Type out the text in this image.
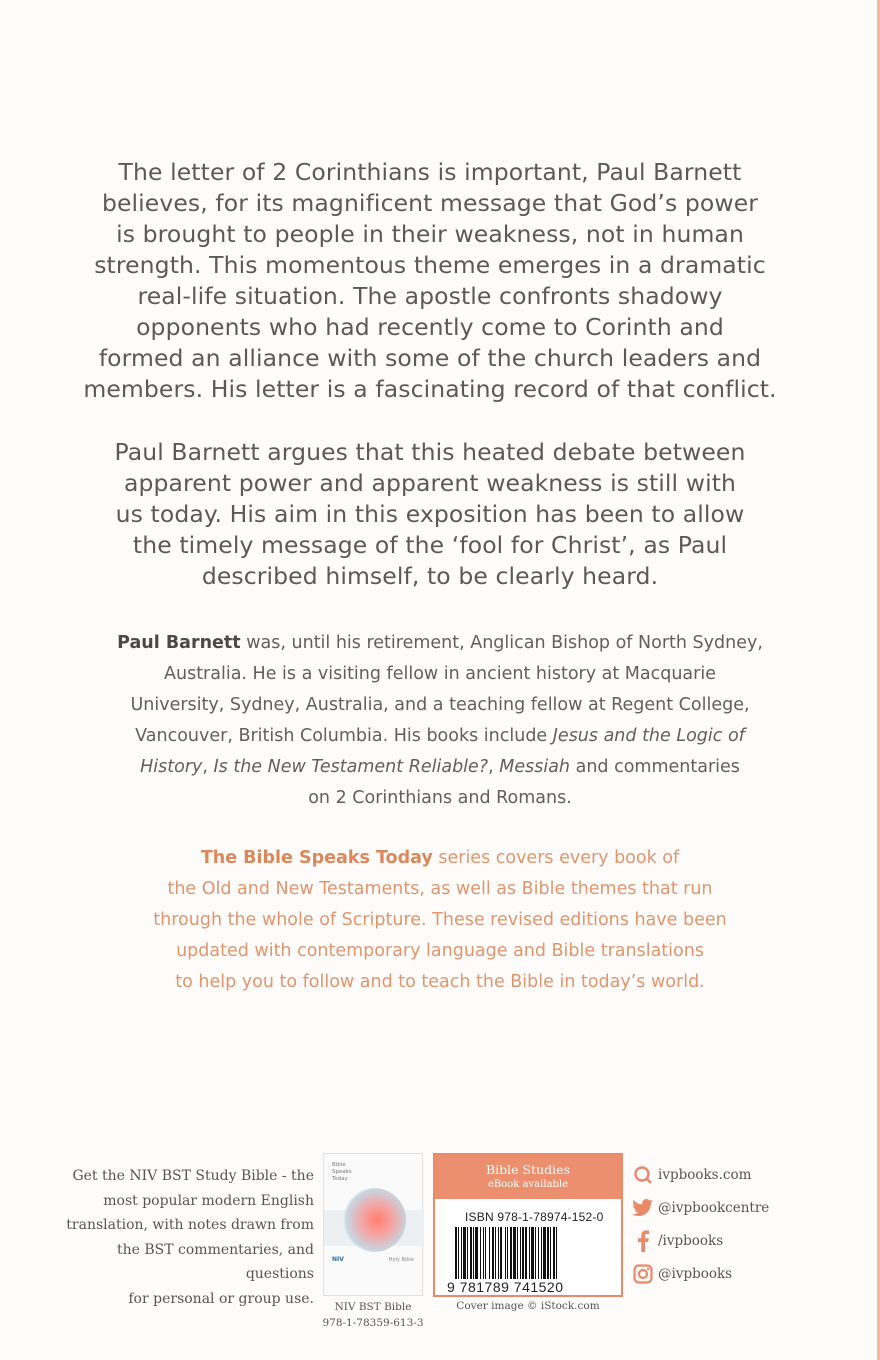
The letter of 2 Corinthians is important, Paul Barnett
believes, for its magnificent message that God’s power
is brought to people in their weakness, not in human
strength. This momentous theme emerges in a dramatic
real-life situation. The apostle confronts shadowy
opponents who had recently come to Corinth and
formed an alliance with some of the church leaders and
members. His letter is a fascinating record of that conflict.
Paul Barnett argues that this heated debate between
apparent power and apparent weakness is still with
us today. His aim in this exposition has been to allow
the timely message of the ‘fool for Christ’, as Paul
described himself, to be clearly heard.
Paul Barnett was, until his retirement, Anglican Bishop of North Sydney,
Australia. He is a visiting fellow in ancient history at Macquarie
University, Sydney, Australia, and a teaching fellow at Regent College,
Vancouver, British Columbia. His books include Jesus and the Logic of
History, Is the New Testament Reliable?, Messiah and commentaries
on 2 Corinthians and Romans.
The Bible Speaks Today series covers every book of
the Old and New Testaments, as well as Bible themes that run
through the whole of Scripture. These revised editions have been
updated with contemporary language and Bible translations
to help you to follow and to teach the Bible in today’s world.
Get the NIV BST Study Bible - the
most popular modern English
translation, with notes drawn from
the BST commentaries, and questions
for personal or group use.
Bible
Speaks
Today
NIV	Holy Bible
NIV BST Bible
978-1-78359-613-3
Bible Studies
eBook available
ISBN 978-1-78974-152-0
9 781789 741520
Cover image © iStock.com
ivpbooks.com
@ivpbookcentre
/ivpbooks
@ivpbooks
